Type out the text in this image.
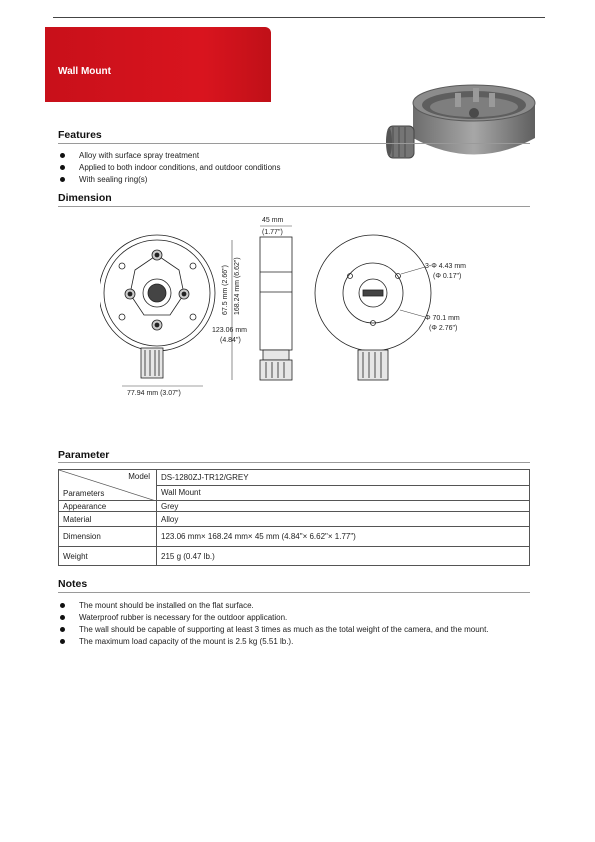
Wall Mount
Features
Alloy with surface spray treatment
Applied to both indoor conditions, and outdoor conditions
With sealing ring(s)
Dimension
77.94 mm (3.07")
123.06 mm
(4.84")
67.5 mm (2.66") 168.24 mm (6.62")
45 mm
(1.77")
3-Φ 4.43 mm
(Φ 0.17")
Φ 70.1 mm
(Φ 2.76")
Parameter
Model
Parameters	DS-1280ZJ-TR12/GREY
	Wall Mount
Appearance	Grey
Material	Alloy
Dimension	123.06 mm× 168.24 mm× 45 mm (4.84"× 6.62"× 1.77")
Weight	215 g (0.47 lb.)
Notes
The mount should be installed on the flat surface.
Waterproof rubber is necessary for the outdoor application.
The wall should be capable of supporting at least 3 times as much as the total weight of the camera, and the mount.
The maximum load capacity of the mount is 2.5 kg (5.51 lb.).
